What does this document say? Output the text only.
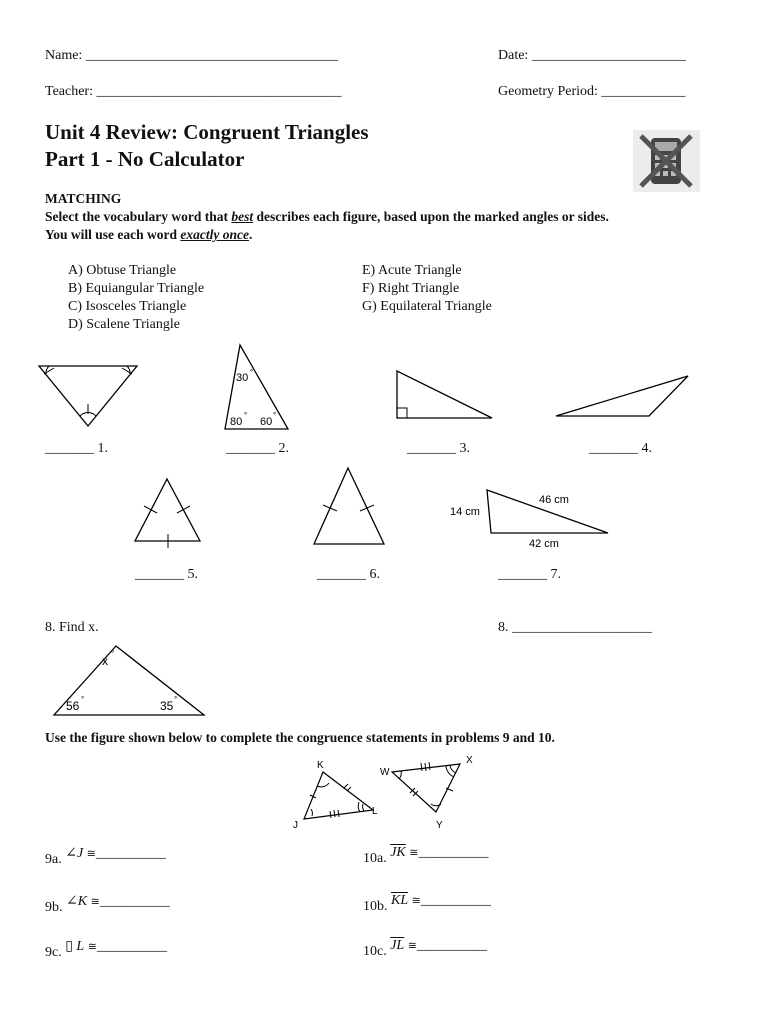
Name: ____________________________________	Date: ______________________
Teacher: ___________________________________	Geometry Period: ____________
Unit 4 Review: Congruent Triangles
Part 1 - No Calculator
MATCHING
Select the vocabulary word that best describes each figure, based upon the marked angles or sides.
You will use each word exactly once.
A) Obtuse Triangle
B) Equiangular Triangle
C) Isosceles Triangle
D) Scalene Triangle
E) Acute Triangle
F) Right Triangle
G) Equilateral Triangle
30 °
80
°
60
°
_______ 1.	_______ 2.	_______ 3.	_______ 4.
14 cm
46 cm
42 cm
_______ 5.	_______ 6.	_______ 7.
8. Find x.	8. ____________________
x
°
56 °	35 °
Use the figure shown below to complete the congruence statements in problems 9 and 10.
K
J
L
W
X
Y
9a. ∠J ≅__________
9b. ∠K ≅__________
9c. ▯ L ≅__________
10a. $\overline{JK}$ ≅__________
10b. $\overline{KL}$ ≅__________
10c. $\overline{JL}$ ≅__________
